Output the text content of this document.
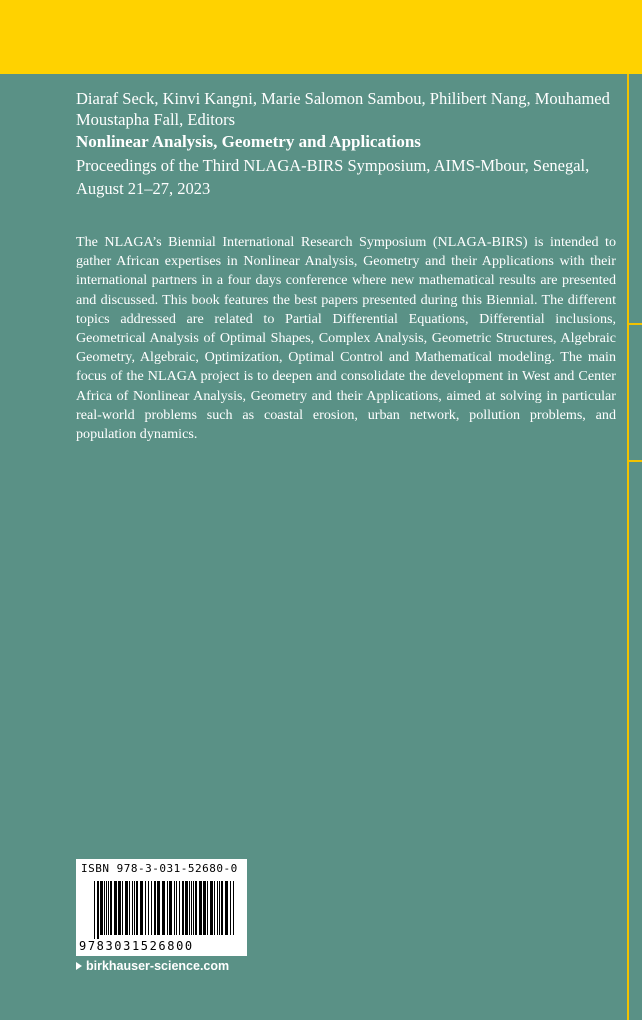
Diaraf Seck, Kinvi Kangni, Marie Salomon Sambou, Philibert Nang, Mouhamed Moustapha Fall, Editors

Nonlinear Analysis, Geometry and Applications

Proceedings of the Third NLAGA-BIRS Symposium, AIMS-Mbour, Senegal, August 21–27, 2023

The NLAGA’s Biennial International Research Symposium (NLAGA-BIRS) is intended to gather African expertises in Nonlinear Analysis, Geometry and their Applications with their international partners in a four days conference where new mathematical results are presented and discussed. This book features the best papers presented during this Biennial. The different topics addressed are related to Partial Differential Equations, Differential inclusions, Geometrical Analysis of Optimal Shapes, Complex Analysis, Geometric Structures, Algebraic Geometry, Algebraic, Optimization, Optimal Control and Mathematical modeling. The main focus of the NLAGA project is to deepen and consolidate the development in West and Center Africa of Nonlinear Analysis, Geometry and their Applications, aimed at solving in particular real-world problems such as coastal erosion, urban network, pollution problems, and population dynamics.

ISBN 978-3-031-52680-0
9783031526800
birkhauser-science.com
